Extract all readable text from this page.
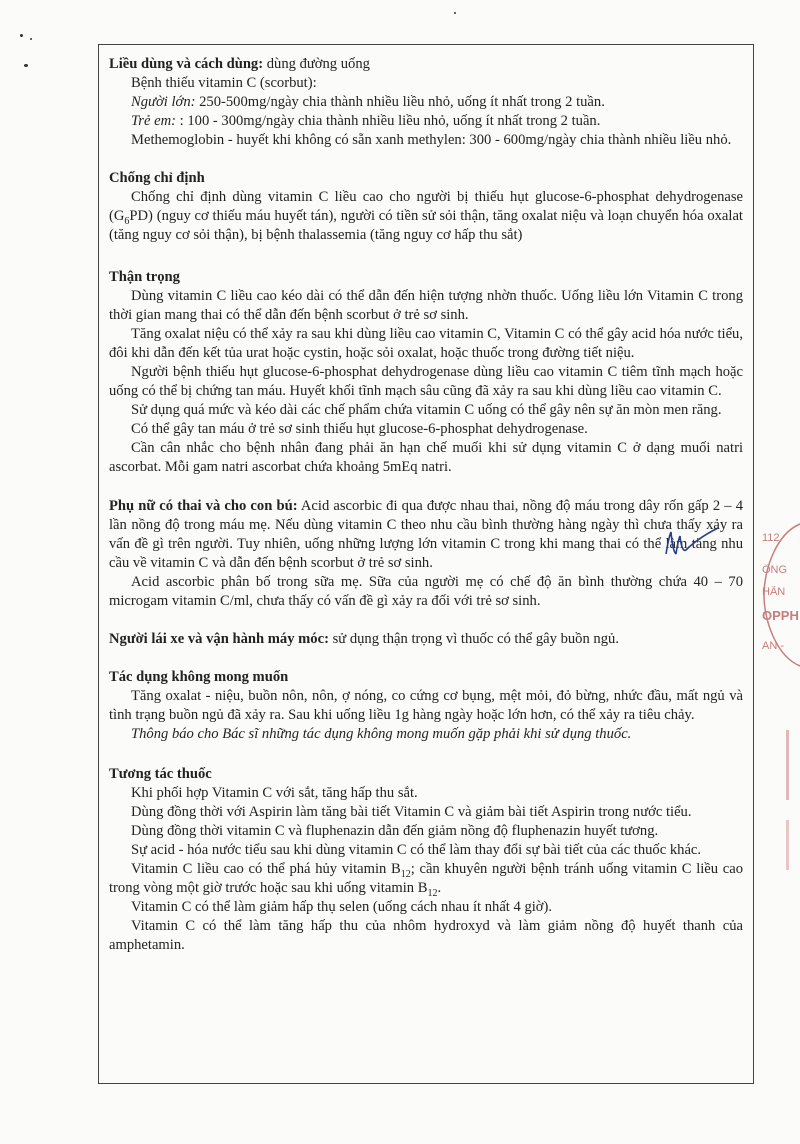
Liều dùng và cách dùng: dùng đường uống
Bệnh thiếu vitamin C (scorbut):
Người lớn: 250-500mg/ngày chia thành nhiều liều nhỏ, uống ít nhất trong 2 tuần.
Trẻ em: : 100 - 300mg/ngày chia thành nhiều liều nhỏ, uống ít nhất trong 2 tuần.
Methemoglobin - huyết khi không có sẵn xanh methylen: 300 - 600mg/ngày chia thành nhiều liều nhỏ.
Chống chỉ định
Chống chỉ định dùng vitamin C liều cao cho người bị thiếu hụt glucose-6-phosphat dehydrogenase $(G_6PD)$ (nguy cơ thiếu máu huyết tán), người có tiền sử sỏi thận, tăng oxalat niệu và loạn chuyển hóa oxalat (tăng nguy cơ sỏi thận), bị bệnh thalassemia (tăng nguy cơ hấp thu sắt)
Thận trọng
Dùng vitamin C liều cao kéo dài có thể dẫn đến hiện tượng nhờn thuốc. Uống liều lớn Vitamin C trong thời gian mang thai có thể dẫn đến bệnh scorbut ở trẻ sơ sinh.
Tăng oxalat niệu có thể xảy ra sau khi dùng liều cao vitamin C, Vitamin C có thể gây acid hóa nước tiểu, đôi khi dẫn đến kết tủa urat hoặc cystin, hoặc sỏi oxalat, hoặc thuốc trong đường tiết niệu.
Người bệnh thiếu hụt glucose-6-phosphat dehydrogenase dùng liều cao vitamin C tiêm tĩnh mạch hoặc uống có thể bị chứng tan máu. Huyết khối tĩnh mạch sâu cũng đã xảy ra sau khi dùng liều cao vitamin C.
Sử dụng quá mức và kéo dài các chế phẩm chứa vitamin C uống có thể gây nên sự ăn mòn men răng.
Có thể gây tan máu ở trẻ sơ sinh thiếu hụt glucose-6-phosphat dehydrogenase.
Cần cân nhắc cho bệnh nhân đang phải ăn hạn chế muối khi sử dụng vitamin C ở dạng muối natri ascorbat. Mỗi gam natri ascorbat chứa khoảng 5mEq natri.
Phụ nữ có thai và cho con bú: Acid ascorbic đi qua được nhau thai, nồng độ máu trong dây rốn gấp 2 – 4 lần nồng độ trong máu mẹ. Nếu dùng vitamin C theo nhu cầu bình thường hàng ngày thì chưa thấy xảy ra vấn đề gì trên người. Tuy nhiên, uống những lượng lớn vitamin C trong khi mang thai có thể làm tăng nhu cầu về vitamin C và dẫn đến bệnh scorbut ở trẻ sơ sinh.
Acid ascorbic phân bố trong sữa mẹ. Sữa của người mẹ có chế độ ăn bình thường chứa 40 – 70 microgam vitamin C/ml, chưa thấy có vấn đề gì xảy ra đối với trẻ sơ sinh.
Người lái xe và vận hành máy móc: sử dụng thận trọng vì thuốc có thể gây buồn ngủ.
Tác dụng không mong muốn
Tăng oxalat - niệu, buồn nôn, nôn, ợ nóng, co cứng cơ bụng, mệt mỏi, đỏ bừng, nhức đầu, mất ngủ và tình trạng buồn ngủ đã xảy ra. Sau khi uống liều 1g hàng ngày hoặc lớn hơn, có thể xảy ra tiêu chảy.
Thông báo cho Bác sĩ những tác dụng không mong muốn gặp phải khi sử dụng thuốc.
Tương tác thuốc
Khi phối hợp Vitamin C với sắt, tăng hấp thu sắt.
Dùng đồng thời với Aspirin làm tăng bài tiết Vitamin C và giảm bài tiết Aspirin trong nước tiểu.
Dùng đồng thời vitamin C và fluphenazin dẫn đến giảm nồng độ fluphenazin huyết tương.
Sự acid - hóa nước tiểu sau khi dùng vitamin C có thể làm thay đổi sự bài tiết của các thuốc khác.
Vitamin C liều cao có thể phá hủy vitamin $B_{12}$; cần khuyên người bệnh tránh uống vitamin C liều cao trong vòng một giờ trước hoặc sau khi uống vitamin $B_{12}$.
Vitamin C có thể làm giảm hấp thụ selen (uống cách nhau ít nhất 4 giờ).
Vitamin C có thể làm tăng hấp thu của nhôm hydroxyd và làm giảm nồng độ huyết thanh của amphetamin.
112
ÔNG
HÃN
OPPH
AN -
